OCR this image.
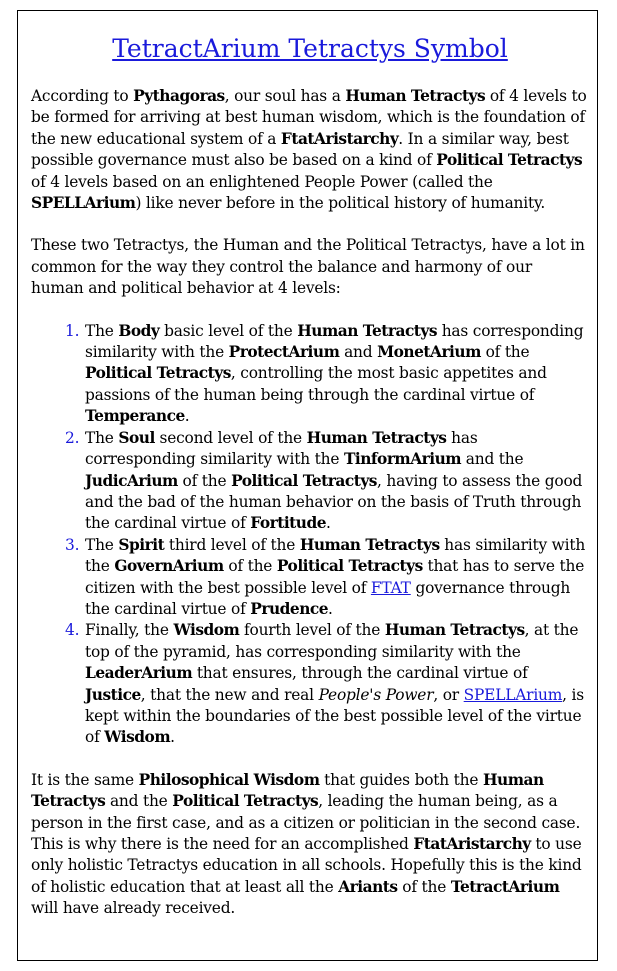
TetractArium Tetractys Symbol

According to Pythagoras, our soul has a Human Tetractys of 4 levels to be formed for arriving at best human wisdom, which is the foundation of the new educational system of a FtatAristarchy. In a similar way, best possible governance must also be based on a kind of Political Tetractys of 4 levels based on an enlightened People Power (called the SPELLArium) like never before in the political history of humanity.

These two Tetractys, the Human and the Political Tetractys, have a lot in common for the way they control the balance and harmony of our human and political behavior at 4 levels:

1. The Body basic level of the Human Tetractys has corresponding similarity with the ProtectArium and MonetArium of the Political Tetractys, controlling the most basic appetites and passions of the human being through the cardinal virtue of Temperance.
2. The Soul second level of the Human Tetractys has corresponding similarity with the TinformArium and the JudicArium of the Political Tetractys, having to assess the good and the bad of the human behavior on the basis of Truth through the cardinal virtue of Fortitude.
3. The Spirit third level of the Human Tetractys has similarity with the GovernArium of the Political Tetractys that has to serve the citizen with the best possible level of FTAT governance through the cardinal virtue of Prudence.
4. Finally, the Wisdom fourth level of the Human Tetractys, at the top of the pyramid, has corresponding similarity with the LeaderArium that ensures, through the cardinal virtue of Justice, that the new and real People's Power, or SPELLArium, is kept within the boundaries of the best possible level of the virtue of Wisdom.

It is the same Philosophical Wisdom that guides both the Human Tetractys and the Political Tetractys, leading the human being, as a person in the first case, and as a citizen or politician in the second case. This is why there is the need for an accomplished FtatAristarchy to use only holistic Tetractys education in all schools. Hopefully this is the kind of holistic education that at least all the Ariants of the TetractArium will have already received.
